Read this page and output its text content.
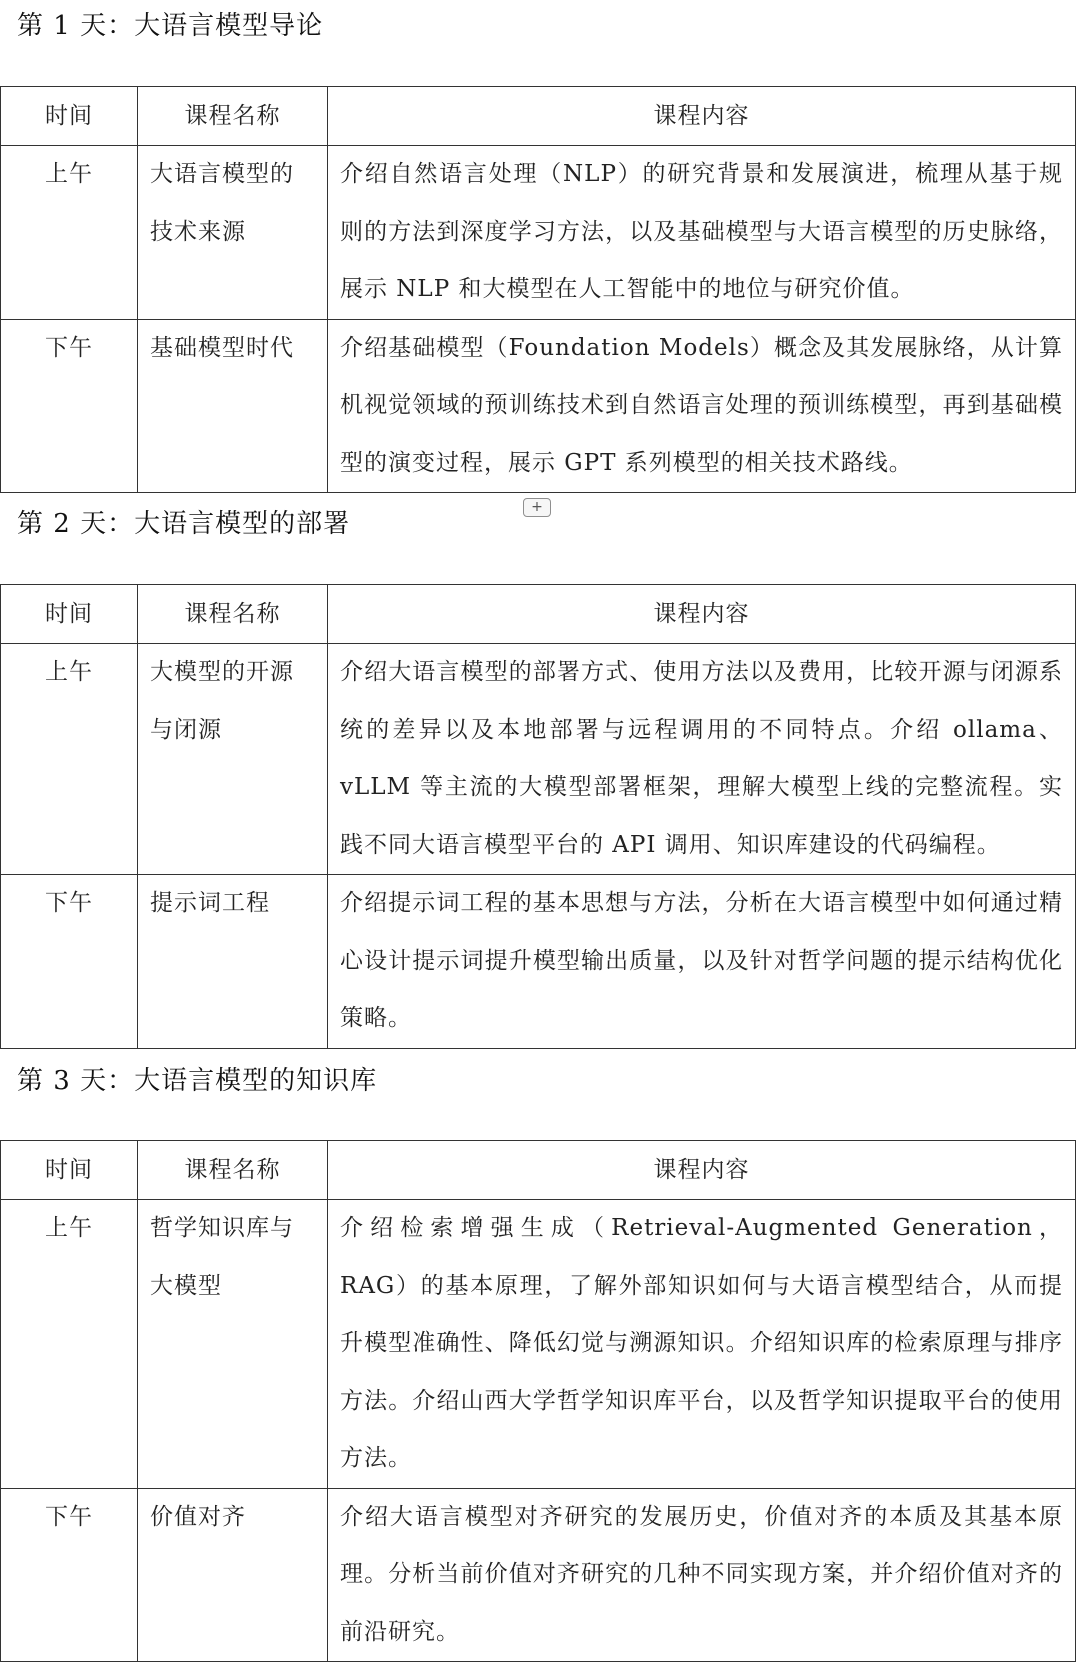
第 1 天：大语言模型导论
时间	课程名称	课程内容
上午	大语言模型的技术来源	介绍自然语言处理（NLP）的研究背景和发展演进，梳理从基于规则的方法到深度学习方法，以及基础模型与大语言模型的历史脉络，展示 NLP 和大模型在人工智能中的地位与研究价值。
下午	基础模型时代	介绍基础模型（Foundation Models）概念及其发展脉络，从计算机视觉领域的预训练技术到自然语言处理的预训练模型，再到基础模型的演变过程，展示 GPT 系列模型的相关技术路线。
+
第 2 天：大语言模型的部署
时间	课程名称	课程内容
上午	大模型的开源与闭源	介绍大语言模型的部署方式、使用方法以及费用，比较开源与闭源系统的差异以及本地部署与远程调用的不同特点。介绍 ollama、vLLM 等主流的大模型部署框架，理解大模型上线的完整流程。实践不同大语言模型平台的 API 调用、知识库建设的代码编程。
下午	提示词工程	介绍提示词工程的基本思想与方法，分析在大语言模型中如何通过精心设计提示词提升模型输出质量，以及针对哲学问题的提示结构优化策略。
第 3 天：大语言模型的知识库
时间	课程名称	课程内容
上午	哲学知识库与大模型	介绍检索增强生成（Retrieval-Augmented Generation，RAG）的基本原理，了解外部知识如何与大语言模型结合，从而提升模型准确性、降低幻觉与溯源知识。介绍知识库的检索原理与排序方法。介绍山西大学哲学知识库平台，以及哲学知识提取平台的使用方法。
下午	价值对齐	介绍大语言模型对齐研究的发展历史，价值对齐的本质及其基本原理。分析当前价值对齐研究的几种不同实现方案，并介绍价值对齐的前沿研究。
